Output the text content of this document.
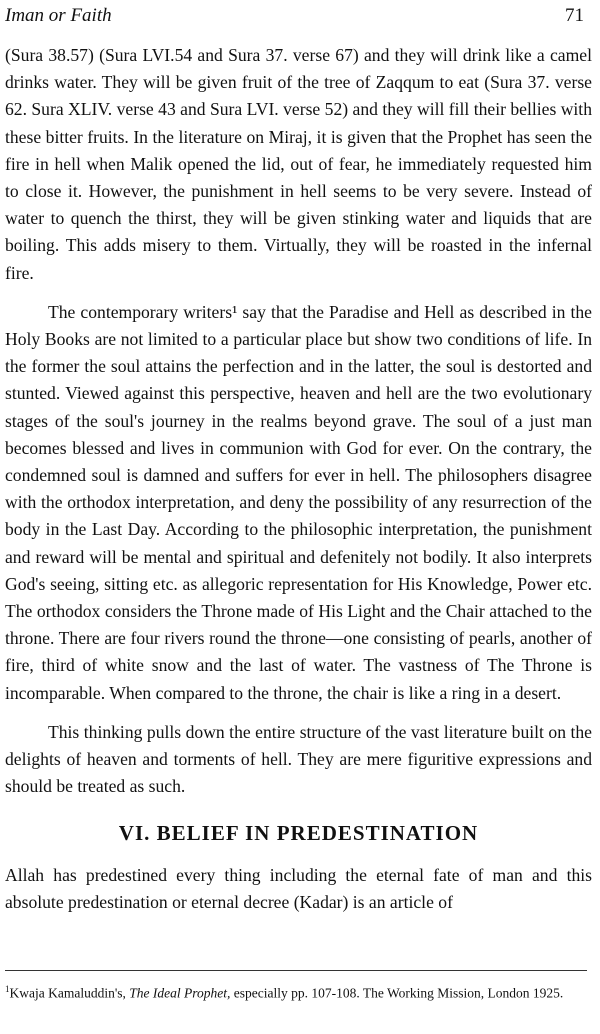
Iman or Faith	71

(Sura 38.57) (Sura LVI.54 and Sura 37. verse 67) and they will drink like a camel drinks water. They will be given fruit of the tree of Zaqqum to eat (Sura 37. verse 62. Sura XLIV. verse 43 and Sura LVI. verse 52) and they will fill their bellies with these bitter fruits. In the literature on Miraj, it is given that the Prophet has seen the fire in hell when Malik opened the lid, out of fear, he immediately requested him to close it. However, the punishment in hell seems to be very severe. Instead of water to quench the thirst, they will be given stinking water and liquids that are boiling. This adds misery to them. Virtually, they will be roasted in the infernal fire.

The contemporary writers¹ say that the Paradise and Hell as described in the Holy Books are not limited to a particular place but show two conditions of life. In the former the soul attains the perfection and in the latter, the soul is destorted and stunted. Viewed against this perspective, heaven and hell are the two evolutionary stages of the soul's journey in the realms beyond grave. The soul of a just man becomes blessed and lives in communion with God for ever. On the contrary, the condemned soul is damned and suffers for ever in hell. The philosophers disagree with the orthodox interpretation, and deny the possibility of any resurrection of the body in the Last Day. According to the philosophic interpretation, the punishment and reward will be mental and spiritual and defenitely not bodily. It also interprets God's seeing, sitting etc. as allegoric representation for His Knowledge, Power etc. The orthodox considers the Throne made of His Light and the Chair attached to the throne. There are four rivers round the throne—one consisting of pearls, another of fire, third of white snow and the last of water. The vastness of The Throne is incomparable. When compared to the throne, the chair is like a ring in a desert.

This thinking pulls down the entire structure of the vast literature built on the delights of heaven and torments of hell. They are mere figuritive expressions and should be treated as such.

VI. BELIEF IN PREDESTINATION

Allah has predestined every thing including the eternal fate of man and this absolute predestination or eternal decree (Kadar) is an article of

$^1$Kwaja Kamaluddin's, The Ideal Prophet, especially pp. 107-108. The Working Mission, London 1925.
